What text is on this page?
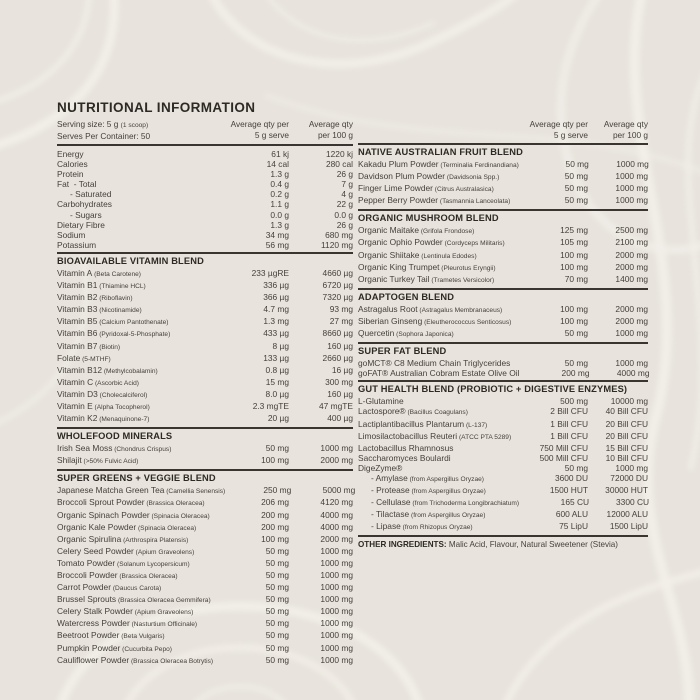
NUTRITIONAL INFORMATION
Serving size: 5 g (1 scoop)
Serves Per Container: 50
Average qty per
5 g serve
Average qty
per 100 g
Energy	61 kj	1220 kj
Calories	14 cal	280 cal
Protein	1.3 g	26 g
Fat  - Total	0.4 g	7 g
- Saturated	0.2 g	4 g
Carbohydrates	1.1 g	22 g
- Sugars	0.0 g	0.0 g
Dietary Fibre	1.3 g	26 g
Sodium	34 mg	680 mg
Potassium	56 mg	1120 mg
BIOAVAILABLE VITAMIN BLEND
Vitamin A (Beta Carotene)	233 µgRE	4660 µg
Vitamin B1 (Thiamine HCL)	336 µg	6720 µg
Vitamin B2 (Riboflavin)	366 µg	7320 µg
Vitamin B3 (Nicotinamide)	4.7 mg	93 mg
Vitamin B5 (Calcium Pantothenate)	1.3 mg	27 mg
Vitamin B6 (Pyridoxal-5-Phosphate)	433 µg	8660 µg
Vitamin B7 (Biotin)	8 µg	160 µg
Folate (5-MTHF)	133 µg	2660 µg
Vitamin B12 (Methylcobalamin)	0.8 µg	16 µg
Vitamin C (Ascorbic Acid)	15 mg	300 mg
Vitamin D3 (Cholecalciferol)	8.0 µg	160 µg
Vitamin E (Alpha Tocopherol)	2.3 mgTE	47 mgTE
Vitamin K2 (Menaquinone-7)	20 µg	400 µg
WHOLEFOOD MINERALS
Irish Sea Moss (Chondrus Crispus)	50 mg	1000 mg
Shilajit (>50% Fulvic Acid)	100 mg	2000 mg
SUPER GREENS + VEGGIE BLEND
Japanese Matcha Green Tea (Camellia Senensis)	250 mg	5000 mg
Broccoli Sprout Powder (Brassica Oleracea)	206 mg	4120 mg
Organic Spinach Powder (Spinacia Oleracea)	200 mg	4000 mg
Organic Kale Powder (Spinacia Oleracea)	200 mg	4000 mg
Organic Spirulina (Arthrospira Platensis)	100 mg	2000 mg
Celery Seed Powder (Apium Graveolens)	50 mg	1000 mg
Tomato Powder (Solanum Lycopersicum)	50 mg	1000 mg
Broccoli Powder (Brassica Oleracea)	50 mg	1000 mg
Carrot Powder (Daucus Carota)	50 mg	1000 mg
Brussel Sprouts (Brassica Oleracea Gemmifera)	50 mg	1000 mg
Celery Stalk Powder (Apium Graveolens)	50 mg	1000 mg
Watercress Powder (Nasturtium Officinale)	50 mg	1000 mg
Beetroot Powder (Beta Vulgaris)	50 mg	1000 mg
Pumpkin Powder (Cucurbita Pepo)	50 mg	1000 mg
Cauliflower Powder (Brassica Oleracea Botrytis)	50 mg	1000 mg
Average qty per
5 g serve
Average qty
per 100 g
NATIVE AUSTRALIAN FRUIT BLEND
Kakadu Plum Powder (Terminalia Ferdinandiana)	50 mg	1000 mg
Davidson Plum Powder (Davidsonia Spp.)	50 mg	1000 mg
Finger Lime Powder (Citrus Australasica)	50 mg	1000 mg
Pepper Berry Powder (Tasmannia Lanceolata)	50 mg	1000 mg
ORGANIC MUSHROOM BLEND
Organic Maitake (Grifola Frondose)	125 mg	2500 mg
Organic Ophio Powder (Cordyceps Militaris)	105 mg	2100 mg
Organic Shiitake (Lentinula Edodes)	100 mg	2000 mg
Organic King Trumpet (Pleurotus Eryngii)	100 mg	2000 mg
Organic Turkey Tail (Trametes Versicolor)	70 mg	1400 mg
ADAPTOGEN BLEND
Astragalus Root (Astragalus Membranaceus)	100 mg	2000 mg
Siberian Ginseng (Eleutherococcus Senticosus)	100 mg	2000 mg
Quercetin (Sophora Japonica)	50 mg	1000 mg
SUPER FAT BLEND
goMCT® C8 Medium Chain Triglycerides	50 mg	1000 mg
goFAT® Australian Cobram Estate Olive Oil	200 mg	4000 mg
GUT HEALTH BLEND (PROBIOTIC + DIGESTIVE ENZYMES)
L-Glutamine	500 mg	10000 mg
Lactospore® (Bacillus Coagulans)	2 Bill CFU	40 Bill CFU
Lactiplantibacillus Plantarum (L-137)	1 Bill CFU	20 Bill CFU
Limosilactobacillus Reuteri (ATCC PTA 5289)	1 Bill CFU	20 Bill CFU
Lactobacillus Rhamnosus	750 Mill CFU	15 Bill CFU
Saccharomyces Boulardi	500 Mill CFU	10 Bill CFU
DigeZyme®	50 mg	1000 mg
- Amylase (from Aspergillus Oryzae)	3600 DU	72000 DU
- Protease (from Aspergillus Oryzae)	1500 HUT	30000 HUT
- Cellulase (from Trichoderma Longibrachiatum)	165 CU	3300 CU
- Tilactase (from Aspergillus Oryzae)	600 ALU	12000 ALU
- Lipase (from Rhizopus Oryzae)	75 LipU	1500 LipU
OTHER INGREDIENTS: Malic Acid, Flavour, Natural Sweetener (Stevia)
